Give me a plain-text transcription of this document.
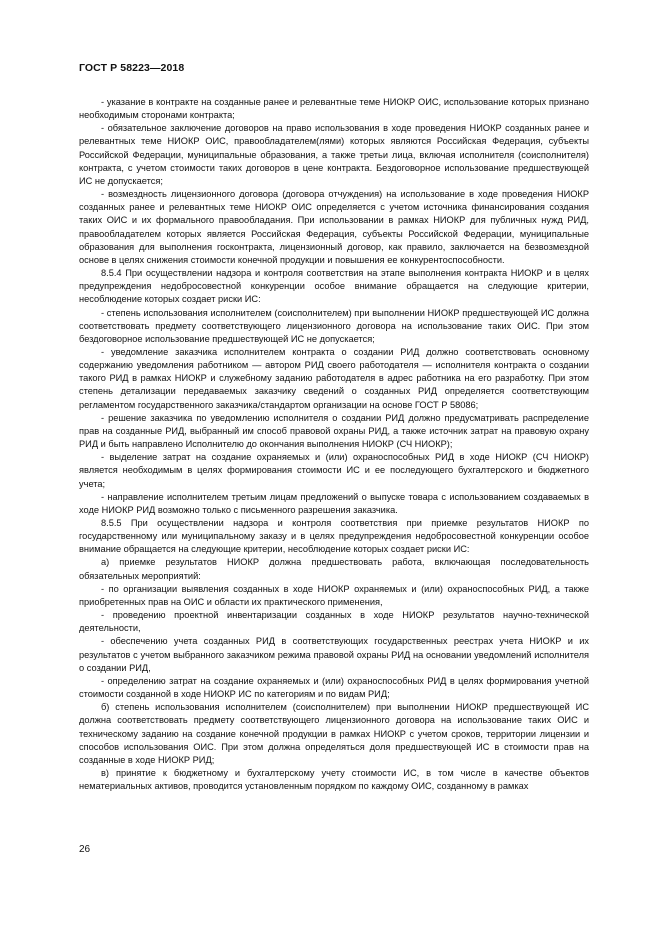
ГОСТ Р 58223—2018

- указание в контракте на созданные ранее и релевантные теме НИОКР ОИС, использование которых признано необходимым сторонами контракта;

- обязательное заключение договоров на право использования в ходе проведения НИОКР созданных ранее и релевантных теме НИОКР ОИС, правообладателем(лями) которых являются Российская Федерация, субъекты Российской Федерации, муниципальные образования, а также третьи лица, включая исполнителя (соисполнителя) контракта, с учетом стоимости таких договоров в цене контракта. Бездоговорное использование предшествующей ИС не допускается;

- возмездность лицензионного договора (договора отчуждения) на использование в ходе проведения НИОКР созданных ранее и релевантных теме НИОКР ОИС определяется с учетом источника финансирования создания таких ОИС и их формального правообладания. При использовании в рамках НИОКР для публичных нужд РИД, правообладателем которых является Российская Федерация, субъекты Российской Федерации, муниципальные образования для выполнения госконтракта, лицензионный договор, как правило, заключается на безвозмездной основе в целях снижения стоимости конечной продукции и повышения ее конкурентоспособности.

8.5.4 При осуществлении надзора и контроля соответствия на этапе выполнения контракта НИОКР и в целях предупреждения недобросовестной конкуренции особое внимание обращается на следующие критерии, несоблюдение которых создает риски ИС:

- степень использования исполнителем (соисполнителем) при выполнении НИОКР предшествующей ИС должна соответствовать предмету соответствующего лицензионного договора на использование таких ОИС. При этом бездоговорное использование предшествующей ИС не допускается;

- уведомление заказчика исполнителем контракта о создании РИД должно соответствовать основному содержанию уведомления работником — автором РИД своего работодателя — исполнителя контракта о создании такого РИД в рамках НИОКР и служебному заданию работодателя в адрес работника на его разработку. При этом степень детализации передаваемых заказчику сведений о созданных РИД определяется соответствующим регламентом государственного заказчика/стандартом организации на основе ГОСТ Р 58086;

- решение заказчика по уведомлению исполнителя о создании РИД должно предусматривать распределение прав на созданные РИД, выбранный им способ правовой охраны РИД, а также источник затрат на правовую охрану РИД и быть направлено Исполнителю до окончания выполнения НИОКР (СЧ НИОКР);

- выделение затрат на создание охраняемых и (или) охраноспособных РИД в ходе НИОКР (СЧ НИОКР) является необходимым в целях формирования стоимости ИС и ее последующего бухгалтерского и бюджетного учета;

- направление исполнителем третьим лицам предложений о выпуске товара с использованием создаваемых в ходе НИОКР РИД возможно только с письменного разрешения заказчика.

8.5.5 При осуществлении надзора и контроля соответствия при приемке результатов НИОКР по государственному или муниципальному заказу и в целях предупреждения недобросовестной конкуренции особое внимание обращается на следующие критерии, несоблюдение которых создает риски ИС:

а) приемке результатов НИОКР должна предшествовать работа, включающая последовательность обязательных мероприятий:

- по организации выявления созданных в ходе НИОКР охраняемых и (или) охраноспособных РИД, а также приобретенных прав на ОИС и области их практического применения,

- проведению проектной инвентаризации созданных в ходе НИОКР результатов научно-технической деятельности,

- обеспечению учета созданных РИД в соответствующих государственных реестрах учета НИОКР и их результатов с учетом выбранного заказчиком режима правовой охраны РИД на основании уведомлений исполнителя о создании РИД,

- определению затрат на создание охраняемых и (или) охраноспособных РИД в целях формирования учетной стоимости созданной в ходе НИОКР ИС по категориям и по видам РИД;

б) степень использования исполнителем (соисполнителем) при выполнении НИОКР предшествующей ИС должна соответствовать предмету соответствующего лицензионного договора на использование таких ОИС и техническому заданию на создание конечной продукции в рамках НИОКР с учетом сроков, территории лицензии и способов использования ОИС. При этом должна определяться доля предшествующей ИС в стоимости прав на созданные в ходе НИОКР РИД;

в) принятие к бюджетному и бухгалтерскому учету стоимости ИС, в том числе в качестве объектов нематериальных активов, проводится установленным порядком по каждому ОИС, созданному в рамках

26
